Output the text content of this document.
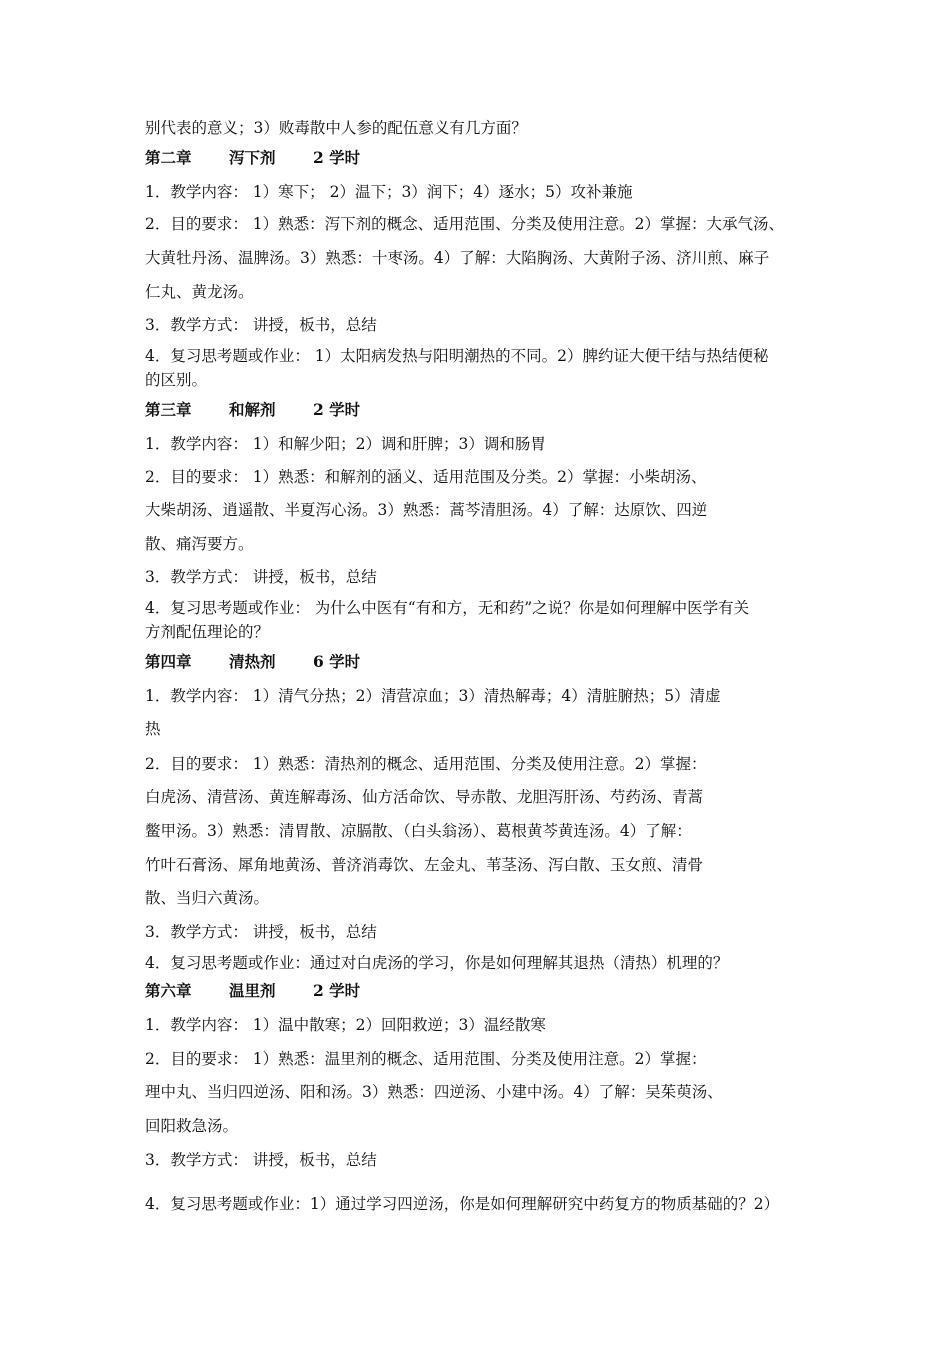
别代表的意义；3）败毒散中人参的配伍意义有几方面？
第二章 泻下剂 2 学时
1．教学内容： 1）寒下； 2）温下；3）润下；4）逐水；5）攻补兼施
2．目的要求： 1）熟悉：泻下剂的概念、适用范围、分类及使用注意。2）掌握：大承气汤、
大黄牡丹汤、温脾汤。3）熟悉：十枣汤。4）了解：大陷胸汤、大黄附子汤、济川煎、麻子
仁丸、黄龙汤。
3．教学方式： 讲授，板书，总结
4．复习思考题或作业： 1）太阳病发热与阳明潮热的不同。2）脾约证大便干结与热结便秘
的区别。
第三章 和解剂 2 学时
1．教学内容： 1）和解少阳；2）调和肝脾；3）调和肠胃
2．目的要求： 1）熟悉：和解剂的涵义、适用范围及分类。2）掌握：小柴胡汤、
大柴胡汤、逍遥散、半夏泻心汤。3）熟悉：蒿芩清胆汤。4）了解：达原饮、四逆
散、痛泻要方。
3．教学方式： 讲授，板书，总结
4．复习思考题或作业： 为什么中医有“有和方，无和药”之说？你是如何理解中医学有关
方剂配伍理论的？
第四章 清热剂 6 学时
1．教学内容： 1）清气分热；2）清营凉血；3）清热解毒；4）清脏腑热；5）清虚
热
2．目的要求： 1）熟悉：清热剂的概念、适用范围、分类及使用注意。2）掌握：
白虎汤、清营汤、黄连解毒汤、仙方活命饮、导赤散、龙胆泻肝汤、芍药汤、青蒿
鳖甲汤。3）熟悉：清胃散、凉膈散、（白头翁汤）、葛根黄芩黄连汤。4）了解：
竹叶石膏汤、犀角地黄汤、普济消毒饮、左金丸、苇茎汤、泻白散、玉女煎、清骨
散、当归六黄汤。
3．教学方式： 讲授，板书，总结
4．复习思考题或作业：通过对白虎汤的学习，你是如何理解其退热（清热）机理的？
第六章 温里剂 2 学时
1．教学内容： 1）温中散寒；2）回阳救逆；3）温经散寒
2．目的要求： 1）熟悉：温里剂的概念、适用范围、分类及使用注意。2）掌握：
理中丸、当归四逆汤、阳和汤。3）熟悉：四逆汤、小建中汤。4）了解：吴茱萸汤、
回阳救急汤。
3．教学方式： 讲授，板书，总结
4．复习思考题或作业：1）通过学习四逆汤，你是如何理解研究中药复方的物质基础的？2）
